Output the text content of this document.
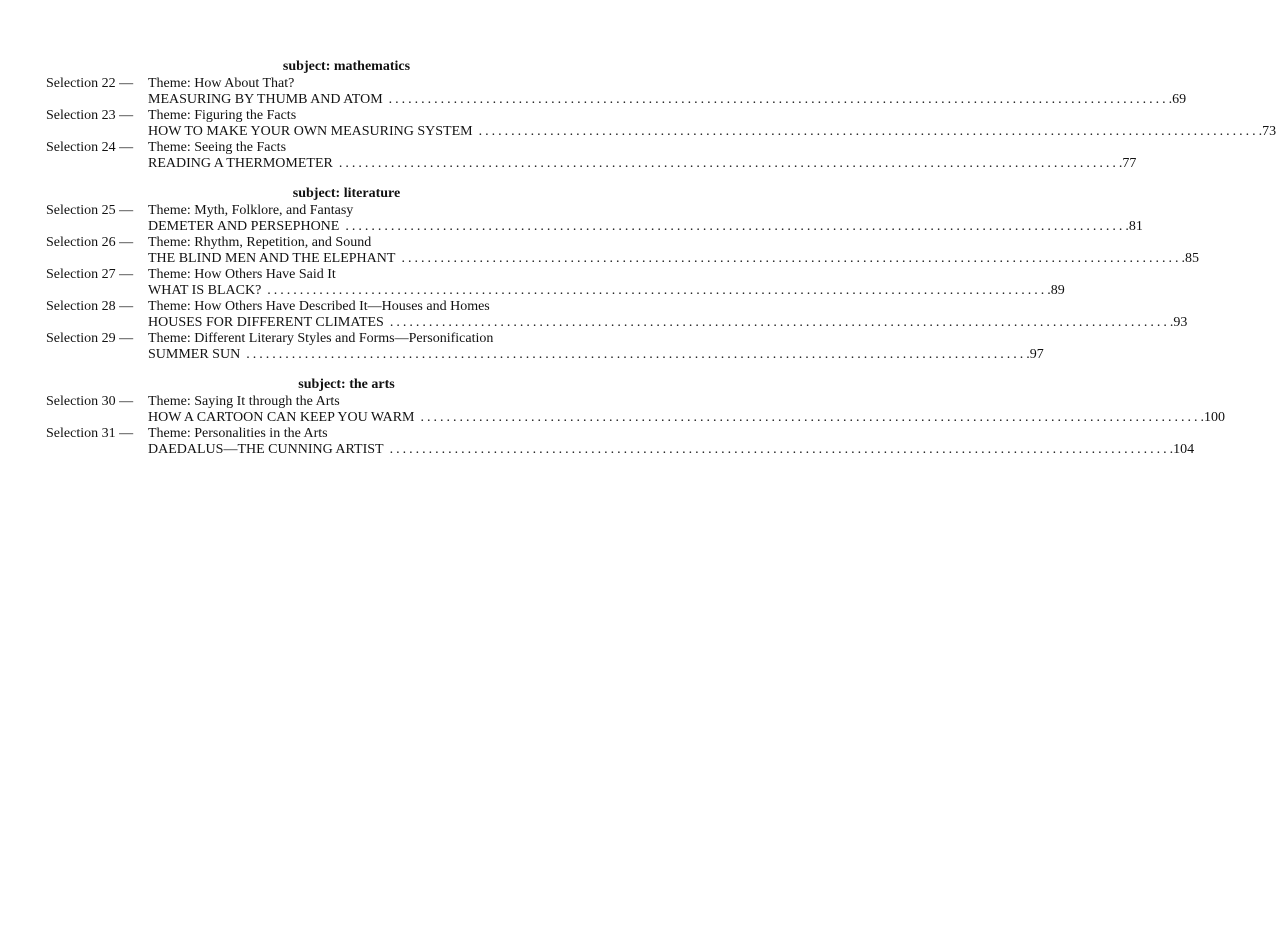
subject: mathematics
Selection 22 — Theme: How About That?
MEASURING BY THUMB AND ATOM ........................................................................................................................ .69
Selection 23 — Theme: Figuring the Facts
HOW TO MAKE YOUR OWN MEASURING SYSTEM ........................................................................................................................ .73
Selection 24 — Theme: Seeing the Facts
READING A THERMOMETER ........................................................................................................................ .77
subject: literature
Selection 25 — Theme: Myth, Folklore, and Fantasy
DEMETER AND PERSEPHONE ........................................................................................................................ .81
Selection 26 — Theme: Rhythm, Repetition, and Sound
THE BLIND MEN AND THE ELEPHANT ........................................................................................................................ .85
Selection 27 — Theme: How Others Have Said It
WHAT IS BLACK? ........................................................................................................................ .89
Selection 28 — Theme: How Others Have Described It—Houses and Homes
HOUSES FOR DIFFERENT CLIMATES ........................................................................................................................ .93
Selection 29 — Theme: Different Literary Styles and Forms—Personification
SUMMER SUN ........................................................................................................................ .97
subject: the arts
Selection 30 — Theme: Saying It through the Arts
HOW A CARTOON CAN KEEP YOU WARM ........................................................................................................................ .100
Selection 31 — Theme: Personalities in the Arts
DAEDALUS—THE CUNNING ARTIST ........................................................................................................................ .104
